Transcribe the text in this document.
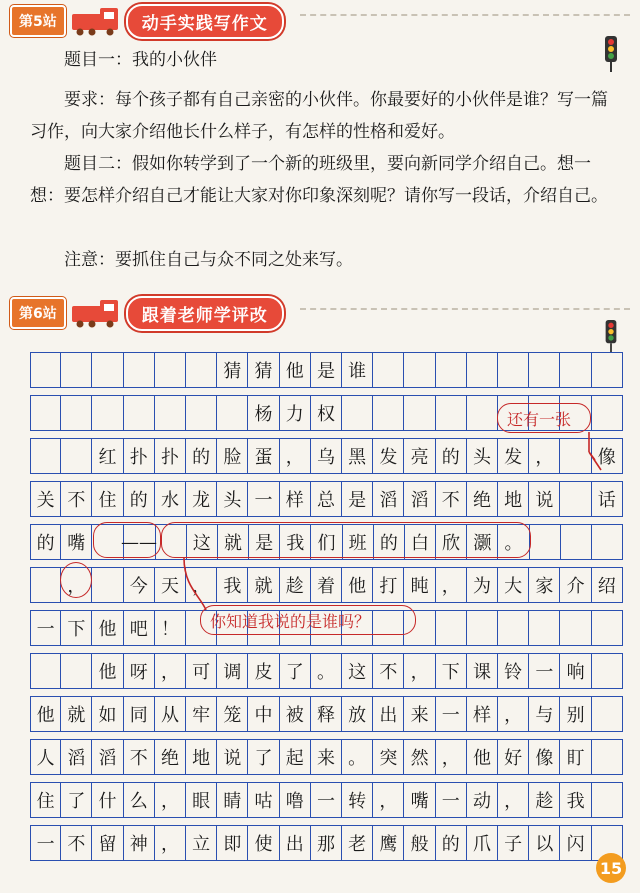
第5站	动手实践写作文
题目一：我的小伙伴
要求：每个孩子都有自己亲密的小伙伴。你最要好的小伙伴是谁？写一篇习作，向大家介绍他长什么样子，有怎样的性格和爱好。
题目二：假如你转学到了一个新的班级里，要向新同学介绍自己。想一想：要怎样介绍自己才能让大家对你印象深刻呢？请你写一段话，介绍自己。
注意：要抓住自己与众不同之处来写。
第6站	跟着老师学评改
猜 猜 他 是 谁
杨 力 权
红 扑 扑 的 脸 蛋 ， 乌 黑 发 亮 的 头 发 ，	像
关 不 住 的 水 龙 头 一 样 总 是 滔 滔 不 绝 地 说	话
的 嘴	——	这 就 是 我 们 班 的 白 欣 灏 。
，	今 天 ， 我 就 趁 着 他 打 盹 ， 为 大 家 介 绍
一 下 他 吧 ！
他 呀 ， 可 调 皮 了 。 这 不 ， 下 课 铃 一 响
他 就 如 同 从 牢 笼 中 被 释 放 出 来 一 样 ， 与 别
人 滔 滔 不 绝 地 说 了 起 来 。 突 然 ， 他 好 像 盯
住 了 什 么 ， 眼 睛 咕 噜 一 转 ， 嘴 一 动 ， 趁 我
一 不 留 神 ， 立 即 使 出 那 老 鹰 般 的 爪 子 以 闪
还有一张
你知道我说的是谁吗？
15
